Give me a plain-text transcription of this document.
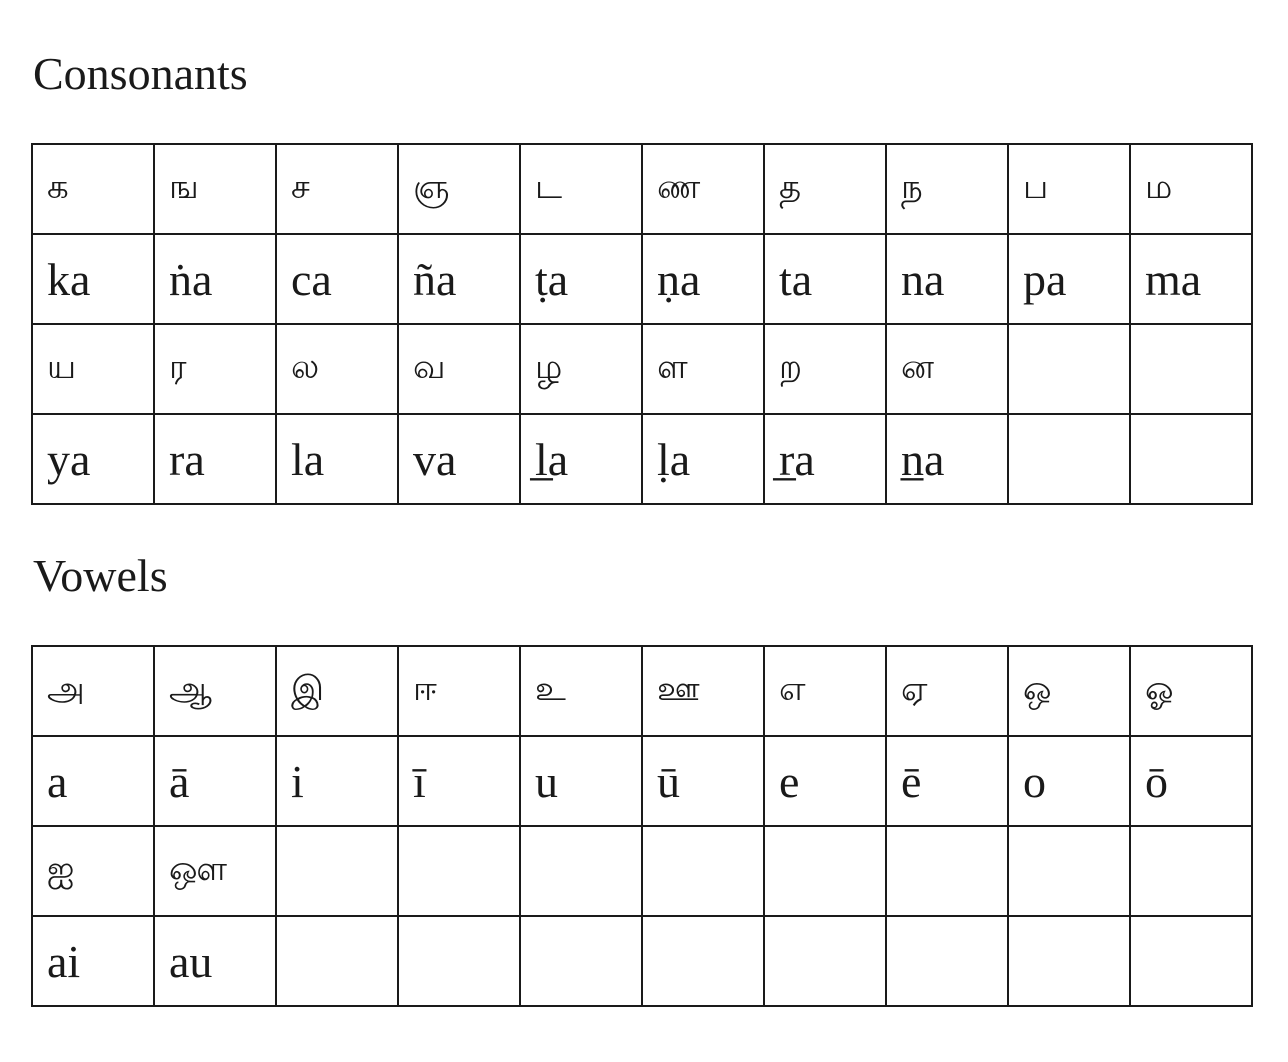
Consonants
க	ங	ச	ஞ	ட	ண	த	ந	ப	ம
ka	ṅa	ca	ña	ṭa	ṇa	ta	na	pa	ma
ய	ர	ல	வ	ழ	ள	ற	ன		
ya	ra	la	va	l̲a	ḷa	r̲a	n̲a		
Vowels
அ	ஆ	இ	ஈ	உ	ஊ	எ	ஏ	ஒ	ஓ
a	ā	i	ī	u	ū	e	ē	o	ō
ஐ	ஔ								
ai	au								
